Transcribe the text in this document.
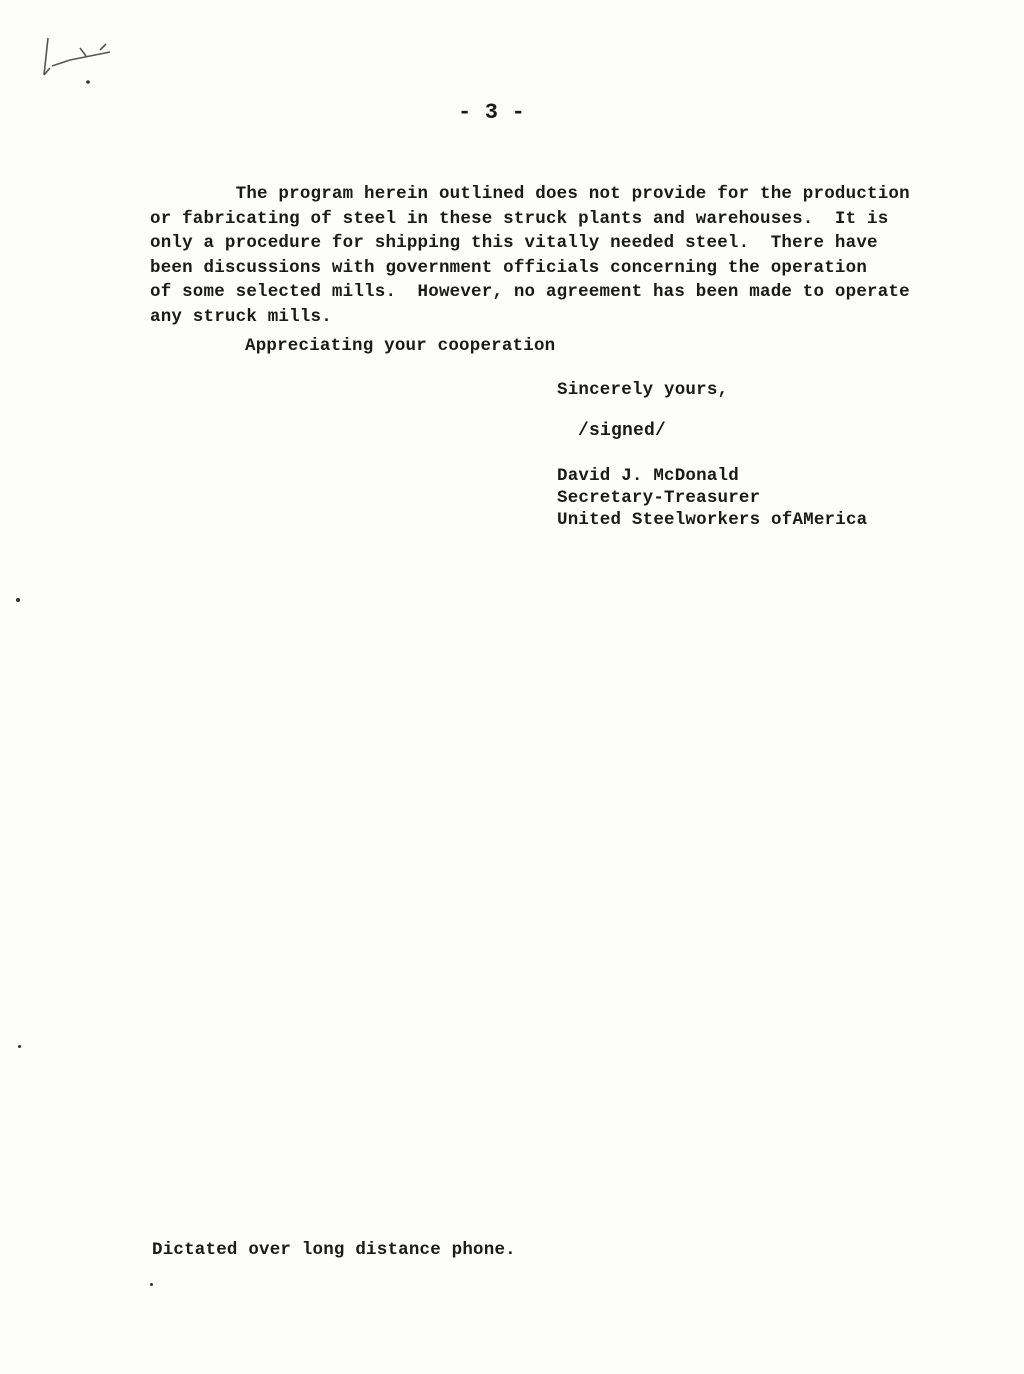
- 3 -
The program herein outlined does not provide for the production
or fabricating of steel in these struck plants and warehouses.  It is
only a procedure for shipping this vitally needed steel.  There have
been discussions with government officials concerning the operation
of some selected mills.  However, no agreement has been made to operate
any struck mills.
Appreciating your cooperation
Sincerely yours,
/signed/
David J. McDonald
Secretary-Treasurer
United Steelworkers ofAMerica
Dictated over long distance phone.
